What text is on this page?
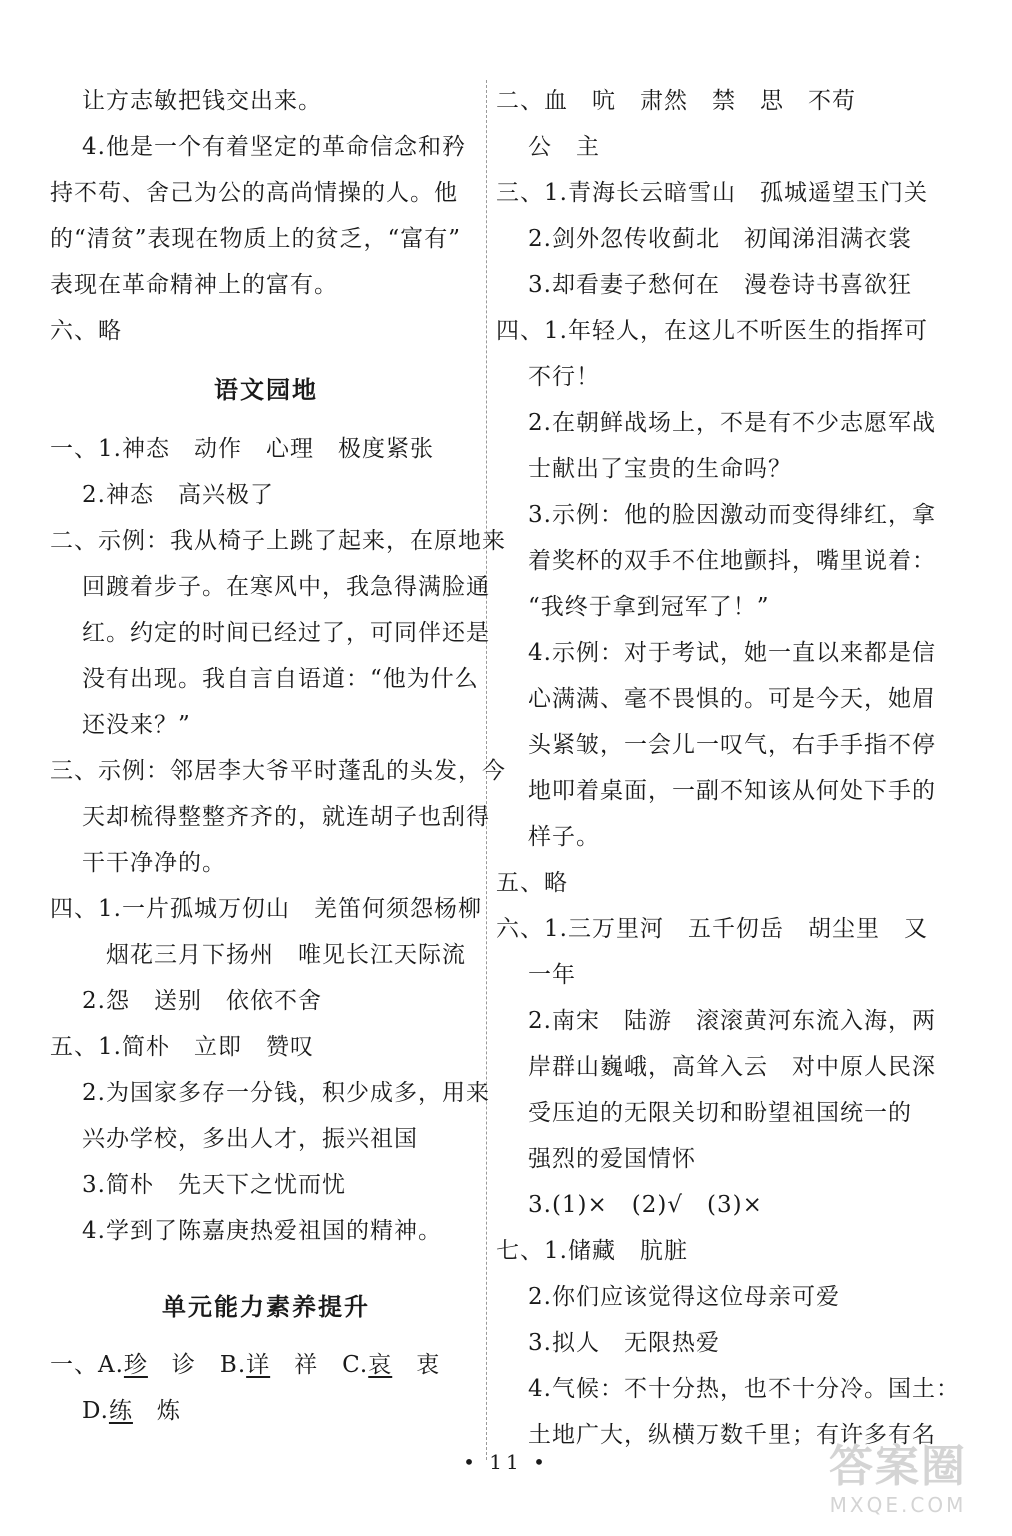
让方志敏把钱交出来。
4.他是一个有着坚定的革命信念和矜
持不苟、舍己为公的高尚情操的人。他
的“清贫”表现在物质上的贫乏，“富有”
表现在革命精神上的富有。
六、略
语文园地
一、1.神态　动作　心理　极度紧张
2.神态　高兴极了
二、示例：我从椅子上跳了起来，在原地来
回踱着步子。在寒风中，我急得满脸通
红。约定的时间已经过了，可同伴还是
没有出现。我自言自语道：“他为什么
还没来？”
三、示例：邻居李大爷平时蓬乱的头发，今
天却梳得整整齐齐的，就连胡子也刮得
干干净净的。
四、1.一片孤城万仞山　羌笛何须怨杨柳
　烟花三月下扬州　唯见长江天际流
2.怨　送别　依依不舍
五、1.简朴　立即　赞叹
2.为国家多存一分钱，积少成多，用来
兴办学校，多出人才，振兴祖国
3.简朴　先天下之忧而忧
4.学到了陈嘉庚热爱祖国的精神。
单元能力素养提升
一、A.珍　 诊　 B.详　 祥　 C.哀　 衷
D.练　 炼
二、血　吭　肃然　禁　思　不苟
公　主
三、1.青海长云暗雪山　孤城遥望玉门关
2.剑外忽传收蓟北　初闻涕泪满衣裳
3.却看妻子愁何在　漫卷诗书喜欲狂
四、1.年轻人，在这儿不听医生的指挥可
不行！
2.在朝鲜战场上，不是有不少志愿军战
士献出了宝贵的生命吗？
3.示例：他的脸因激动而变得绯红，拿
着奖杯的双手不住地颤抖，嘴里说着：
“我终于拿到冠军了！”
4.示例：对于考试，她一直以来都是信
心满满、毫不畏惧的。可是今天，她眉
头紧皱，一会儿一叹气，右手手指不停
地叩着桌面，一副不知该从何处下手的
样子。
五、略
六、1.三万里河　五千仞岳　胡尘里　又
一年
2.南宋　陆游　滚滚黄河东流入海，两
岸群山巍峨，高耸入云　对中原人民深
受压迫的无限关切和盼望祖国统一的
强烈的爱国情怀
3.(1)×　(2)√　(3)×
七、1.储藏　肮脏
2.你们应该觉得这位母亲可爱
3.拟人　无限热爱
4.气候：不十分热，也不十分冷。国土：
土地广大，纵横万数千里；有许多有名
• 11 •	答案圈
MXQE.COM
